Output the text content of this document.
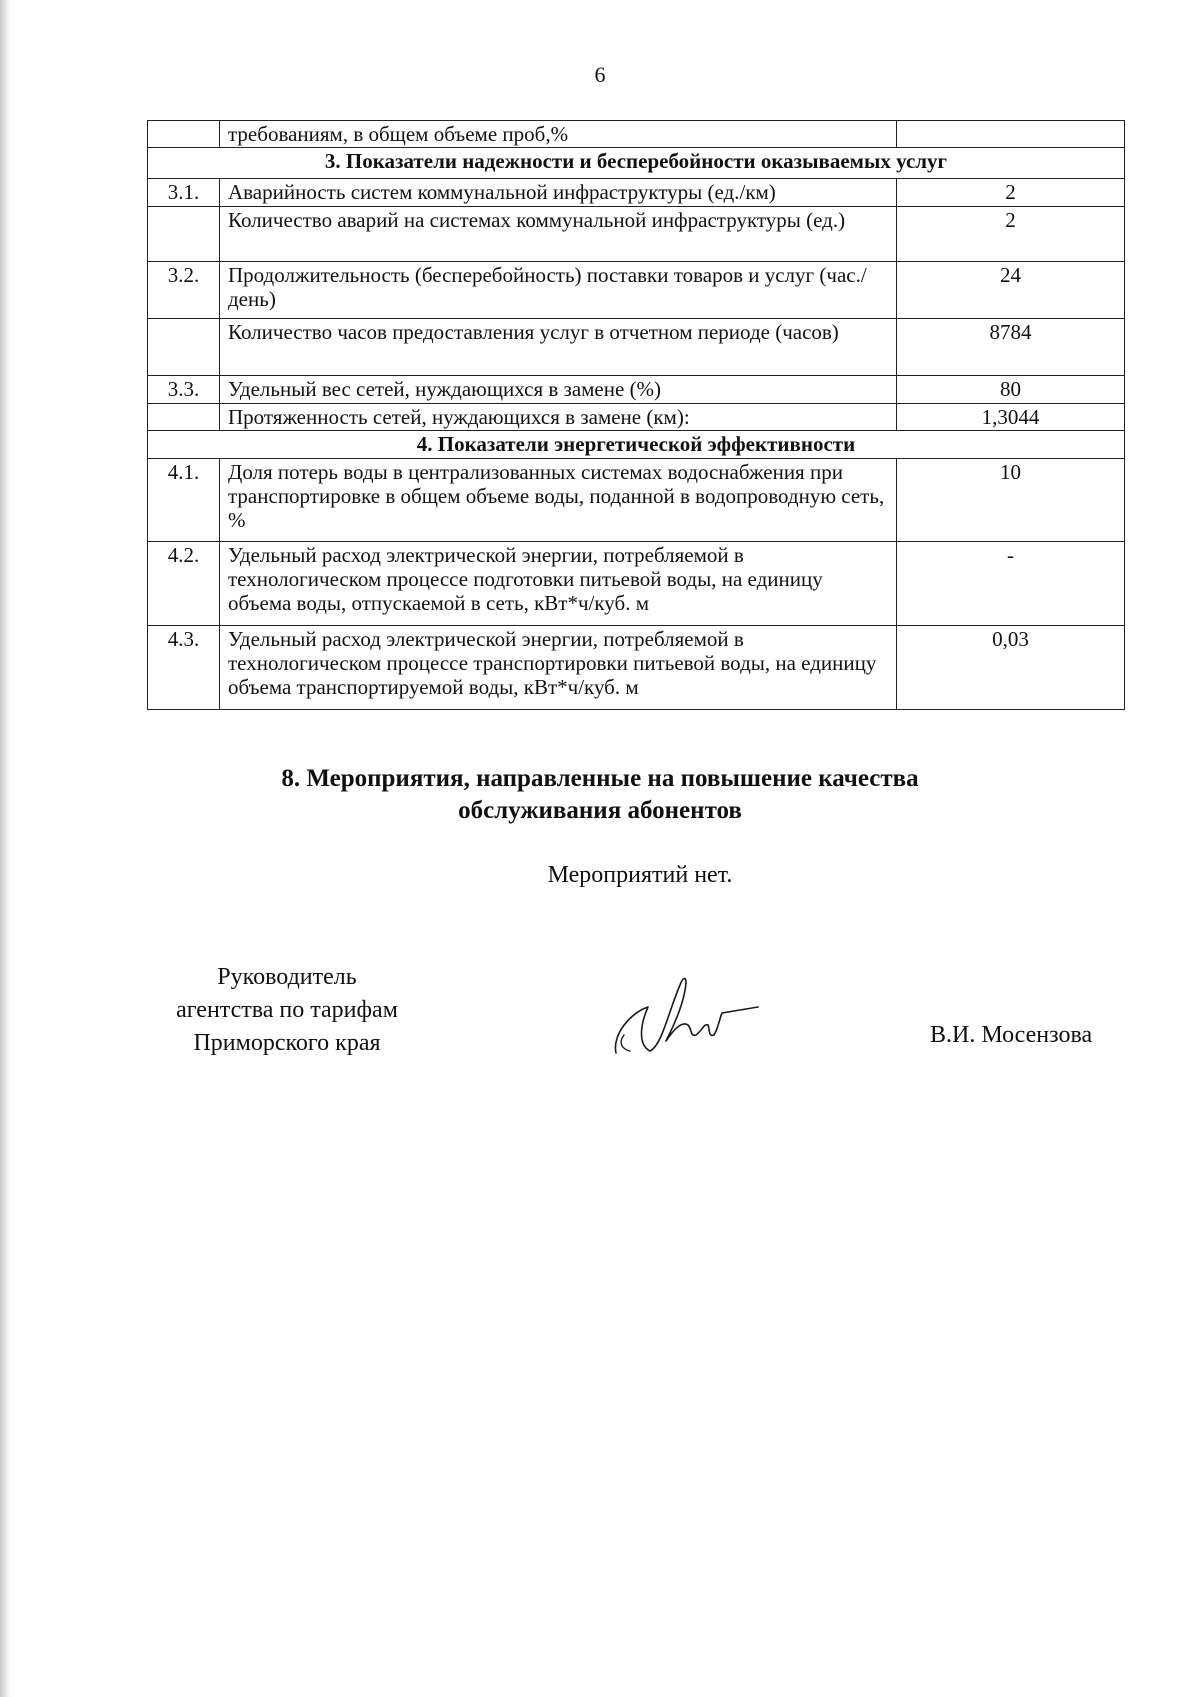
6
	требованиям, в общем объеме проб,%	
3. Показатели надежности и бесперебойности оказываемых услуг		
3.1.	Аварийность систем коммунальной инфраструктуры (ед./км)	2
	Количество аварий на системах коммунальной инфраструктуры (ед.)	2
3.2.	Продолжительность (бесперебойность) поставки товаров и услуг (час./день)	24
	Количество часов предоставления услуг в отчетном периоде (часов)	8784
3.3.	Удельный вес сетей, нуждающихся в замене (%)	80
	Протяженность сетей, нуждающихся в замене (км):	1,3044
4. Показатели энергетической эффективности		
4.1.	Доля потерь воды в централизованных системах водоснабжения при транспортировке в общем объеме воды, поданной в водопроводную сеть, %	10
4.2.	Удельный расход электрической энергии, потребляемой в технологическом процессе подготовки питьевой воды, на единицу объема воды, отпускаемой в сеть, кВт*ч/куб. м	-
4.3.	Удельный расход электрической энергии, потребляемой в технологическом процессе транспортировки питьевой воды, на единицу объема транспортируемой воды, кВт*ч/куб. м	0,03
8. Мероприятия, направленные на повышение качества
обслуживания абонентов
Мероприятий нет.
Руководитель
агентства по тарифам
Приморского края	В.И. Мосензова
